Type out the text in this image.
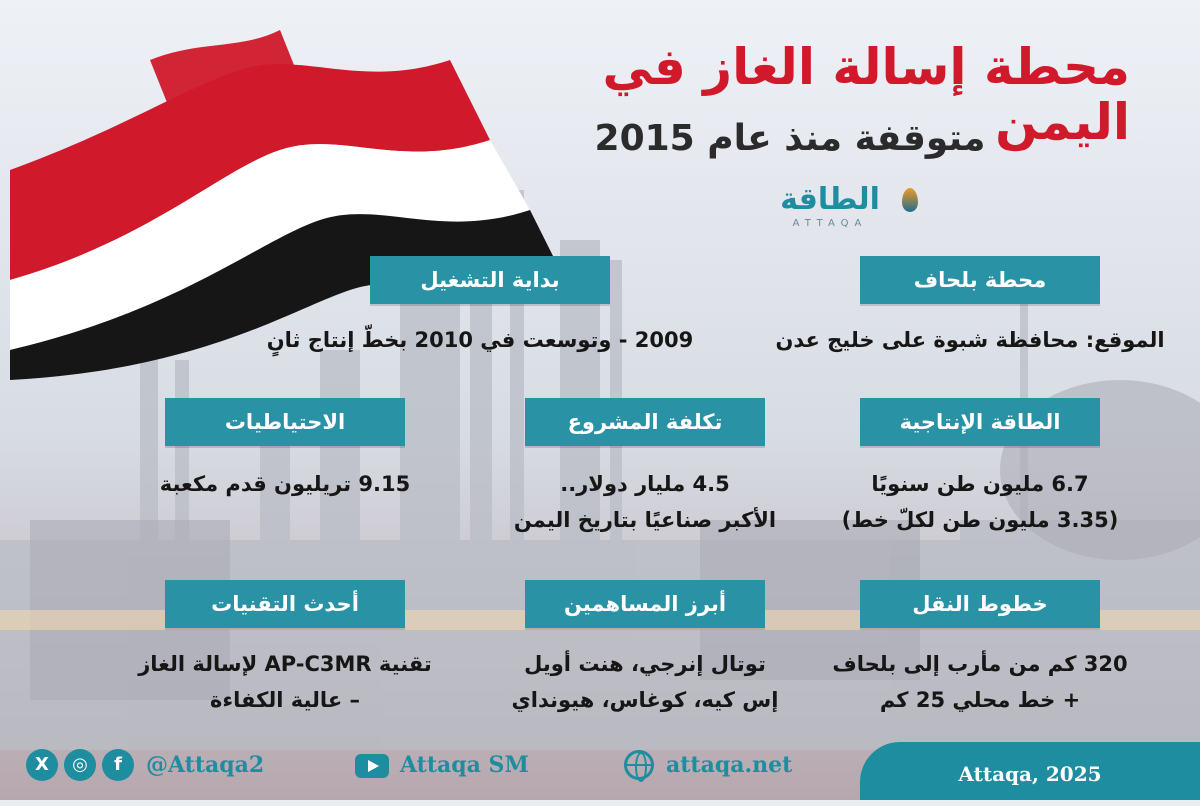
محطة إسالة الغاز في اليمن
متوقفة منذ عام 2015
الطاقة
ATTAQA
محطة بلحاف
الموقع: محافظة شبوة على خليج عدن
بداية التشغيل
2009 - وتوسعت في 2010 بخطّ إنتاج ثانٍ
الطاقة الإنتاجية
6.7 مليون طن سنويًا
(3.35 مليون طن لكلّ خط)
تكلفة المشروع
4.5 مليار دولار..
الأكبر صناعيًا بتاريخ اليمن
الاحتياطيات
9.15 تريليون قدم مكعبة
خطوط النقل
320 كم من مأرب إلى بلحاف
+ خط محلي 25 كم
أبرز المساهمين
توتال إنرجي، هنت أويل
إس كيه، كوغاس، هيونداي
أحدث التقنيات
تقنية AP-C3MR لإسالة الغاز
– عالية الكفاءة
X	◎	f	@Attaqa2	Attaqa SM	attaqa.net	Attaqa, 2025
